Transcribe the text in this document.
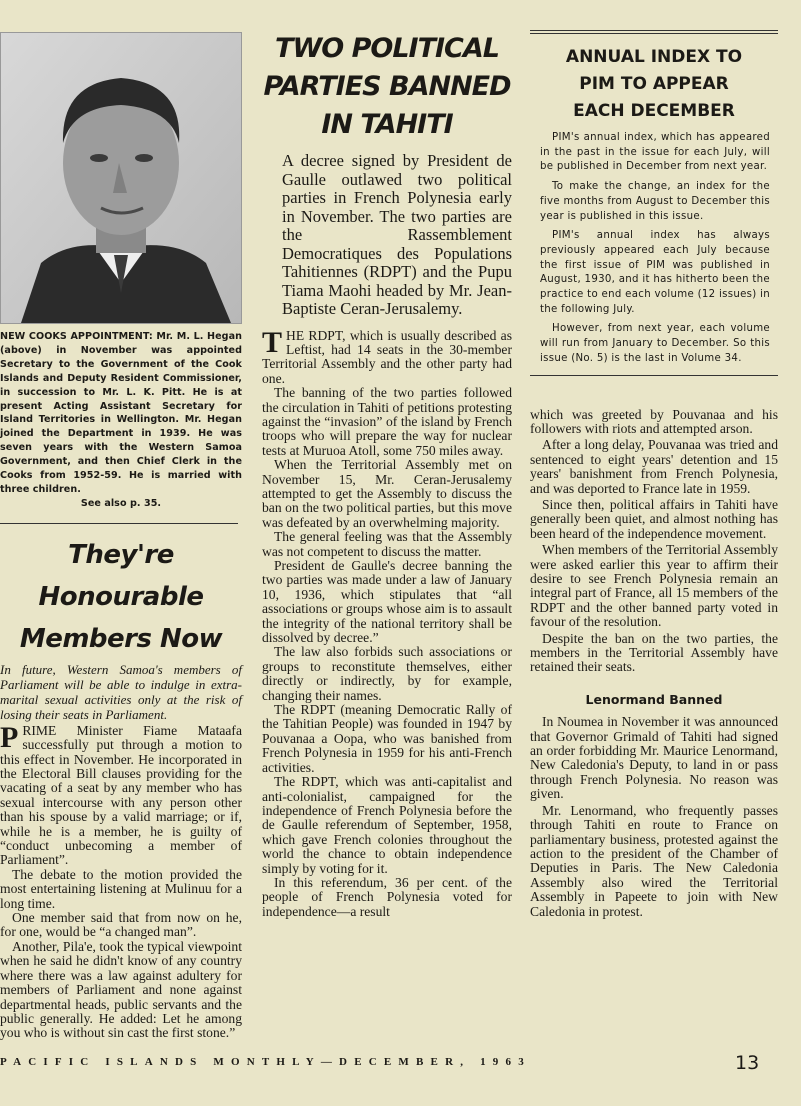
NEW COOKS APPOINTMENT: Mr. M. L. Hegan (above) in November was appointed Secretary to the Government of the Cook Islands and Deputy Resident Commissioner, in succession to Mr. L. K. Pitt. He is at present Acting Assistant Secretary for Island Territories in Wellington. Mr. Hegan joined the Department in 1939. He was seven years with the Western Samoa Government, and then Chief Clerk in the Cooks from 1952-59. He is married with three children.
See also p. 35.
They're Honourable
Members Now
In future, Western Samoa's members of Parliament will be able to indulge in extra-marital sexual activities only at the risk of losing their seats in Parliament.

PRIME Minister Fiame Mataafa successfully put through a motion to this effect in November. He incorporated in the Electoral Bill clauses providing for the vacating of a seat by any member who has sexual intercourse with any person other than his spouse by a valid marriage; or if, while he is a member, he is guilty of “conduct unbecoming a member of Parliament”.

The debate to the motion provided the most entertaining listening at Mulinuu for a long time.

One member said that from now on he, for one, would be “a changed man”.

Another, Pila'e, took the typical viewpoint when he said he didn't know of any country where there was a law against adultery for members of Parliament and none against departmental heads, public servants and the public generally. He added: Let he among you who is without sin cast the first stone.”

TWO POLITICAL
PARTIES BANNED
IN TAHITI
A decree signed by President de Gaulle outlawed two political parties in French Polynesia early in November. The two parties are the Rassemblement Democratiques des Populations Tahitiennes (RDPT) and the Pupu Tiama Maohi headed by Mr. Jean-Baptiste Ceran-Jerusalemy.

THE RDPT, which is usually described as Leftist, had 14 seats in the 30-member Territorial Assembly and the other party had one.

The banning of the two parties followed the circulation in Tahiti of petitions protesting against the “invasion” of the island by French troops who will prepare the way for nuclear tests at Muruoa Atoll, some 750 miles away.

When the Territorial Assembly met on November 15, Mr. Ceran-Jerusalemy attempted to get the Assembly to discuss the ban on the two political parties, but this move was defeated by an overwhelming majority.

The general feeling was that the Assembly was not competent to discuss the matter.

President de Gaulle's decree banning the two parties was made under a law of January 10, 1936, which stipulates that “all associations or groups whose aim is to assault the integrity of the national territory shall be dissolved by decree.”

The law also forbids such associations or groups to reconstitute themselves, either directly or indirectly, by for example, changing their names.

The RDPT (meaning Democratic Rally of the Tahitian People) was founded in 1947 by Pouvanaa a Oopa, who was banished from French Polynesia in 1959 for his anti-French activities.

The RDPT, which was anti-capitalist and anti-colonialist, campaigned for the independence of French Polynesia before the de Gaulle referendum of September, 1958, which gave French colonies throughout the world the chance to obtain independence simply by voting for it.

In this referendum, 36 per cent. of the people of French Polynesia voted for independence—a result

ANNUAL INDEX TO
PIM TO APPEAR
EACH DECEMBER

PIM's annual index, which has appeared in the past in the issue for each July, will be published in December from next year.

To make the change, an index for the five months from August to December this year is published in this issue.

PIM's annual index has always previously appeared each July because the first issue of PIM was published in August, 1930, and it has hitherto been the practice to end each volume (12 issues) in the following July.

However, from next year, each volume will run from January to December. So this issue (No. 5) is the last in Volume 34.

which was greeted by Pouvanaa and his followers with riots and attempted arson.

After a long delay, Pouvanaa was tried and sentenced to eight years' detention and 15 years' banishment from French Polynesia, and was deported to France late in 1959.

Since then, political affairs in Tahiti have generally been quiet, and almost nothing has been heard of the independence movement.

When members of the Territorial Assembly were asked earlier this year to affirm their desire to see French Polynesia remain an integral part of France, all 15 members of the RDPT and the other banned party voted in favour of the resolution.

Despite the ban on the two parties, the members in the Territorial Assembly have retained their seats.

Lenormand Banned

In Noumea in November it was announced that Governor Grimald of Tahiti had signed an order forbidding Mr. Maurice Lenormand, New Caledonia's Deputy, to land in or pass through French Polynesia. No reason was given.

Mr. Lenormand, who frequently passes through Tahiti en route to France on parliamentary business, protested against the action to the president of the Chamber of Deputies in Paris. The New Caledonia Assembly also wired the Territorial Assembly in Papeete to join with New Caledonia in protest.

PACIFIC ISLANDS MONTHLY—DECEMBER, 1963	13
